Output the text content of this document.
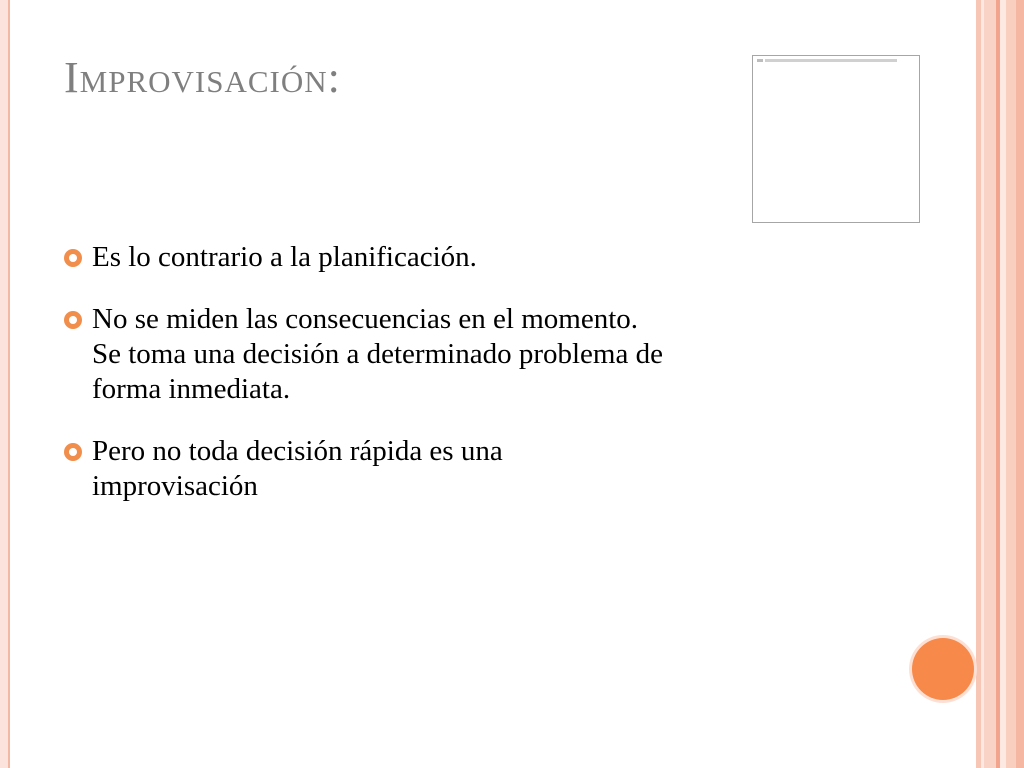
Improvisación:
Es lo contrario a la planificación.
No se miden las consecuencias en el momento.
Se toma una decisión a determinado problema de
forma inmediata.
Pero no toda decisión rápida es una
improvisación
